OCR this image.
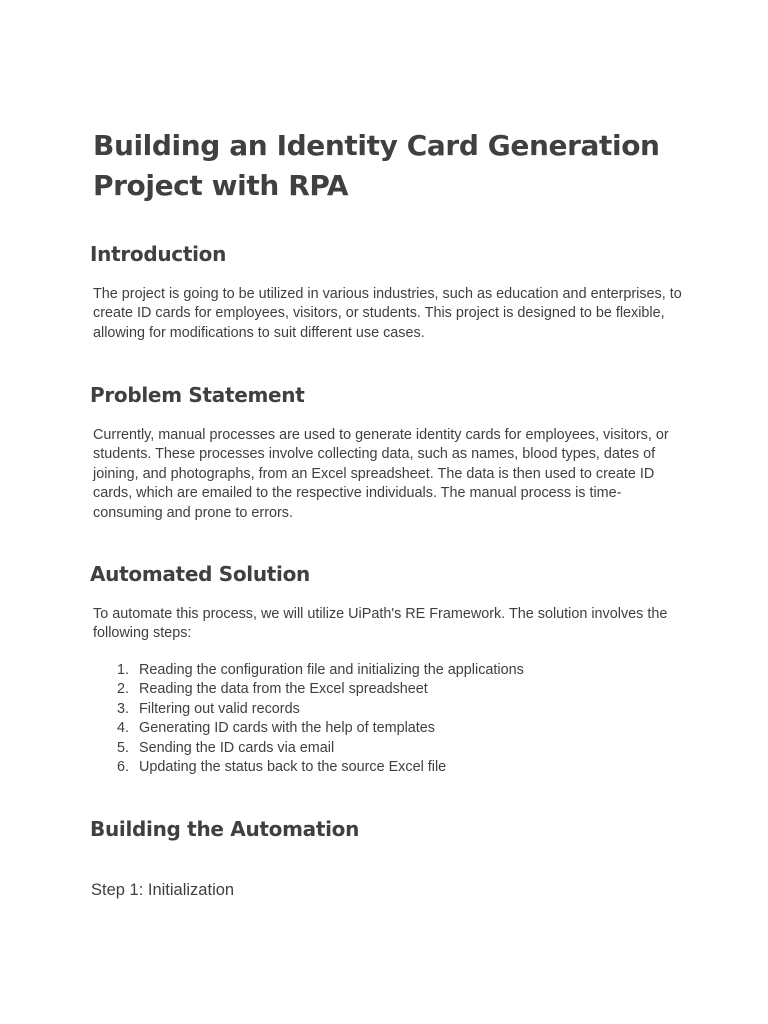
Building an Identity Card Generation Project with RPA
Introduction

The project is going to be utilized in various industries, such as education and enterprises, to create ID cards for employees, visitors, or students. This project is designed to be flexible, allowing for modifications to suit different use cases.

Problem Statement

Currently, manual processes are used to generate identity cards for employees, visitors, or students. These processes involve collecting data, such as names, blood types, dates of joining, and photographs, from an Excel spreadsheet. The data is then used to create ID cards, which are emailed to the respective individuals. The manual process is time-consuming and prone to errors.

Automated Solution

To automate this process, we will utilize UiPath's RE Framework. The solution involves the following steps:

1. Reading the configuration file and initializing the applications
2. Reading the data from the Excel spreadsheet
3. Filtering out valid records
4. Generating ID cards with the help of templates
5. Sending the ID cards via email
6. Updating the status back to the source Excel file
Building the Automation
Step 1: Initialization
